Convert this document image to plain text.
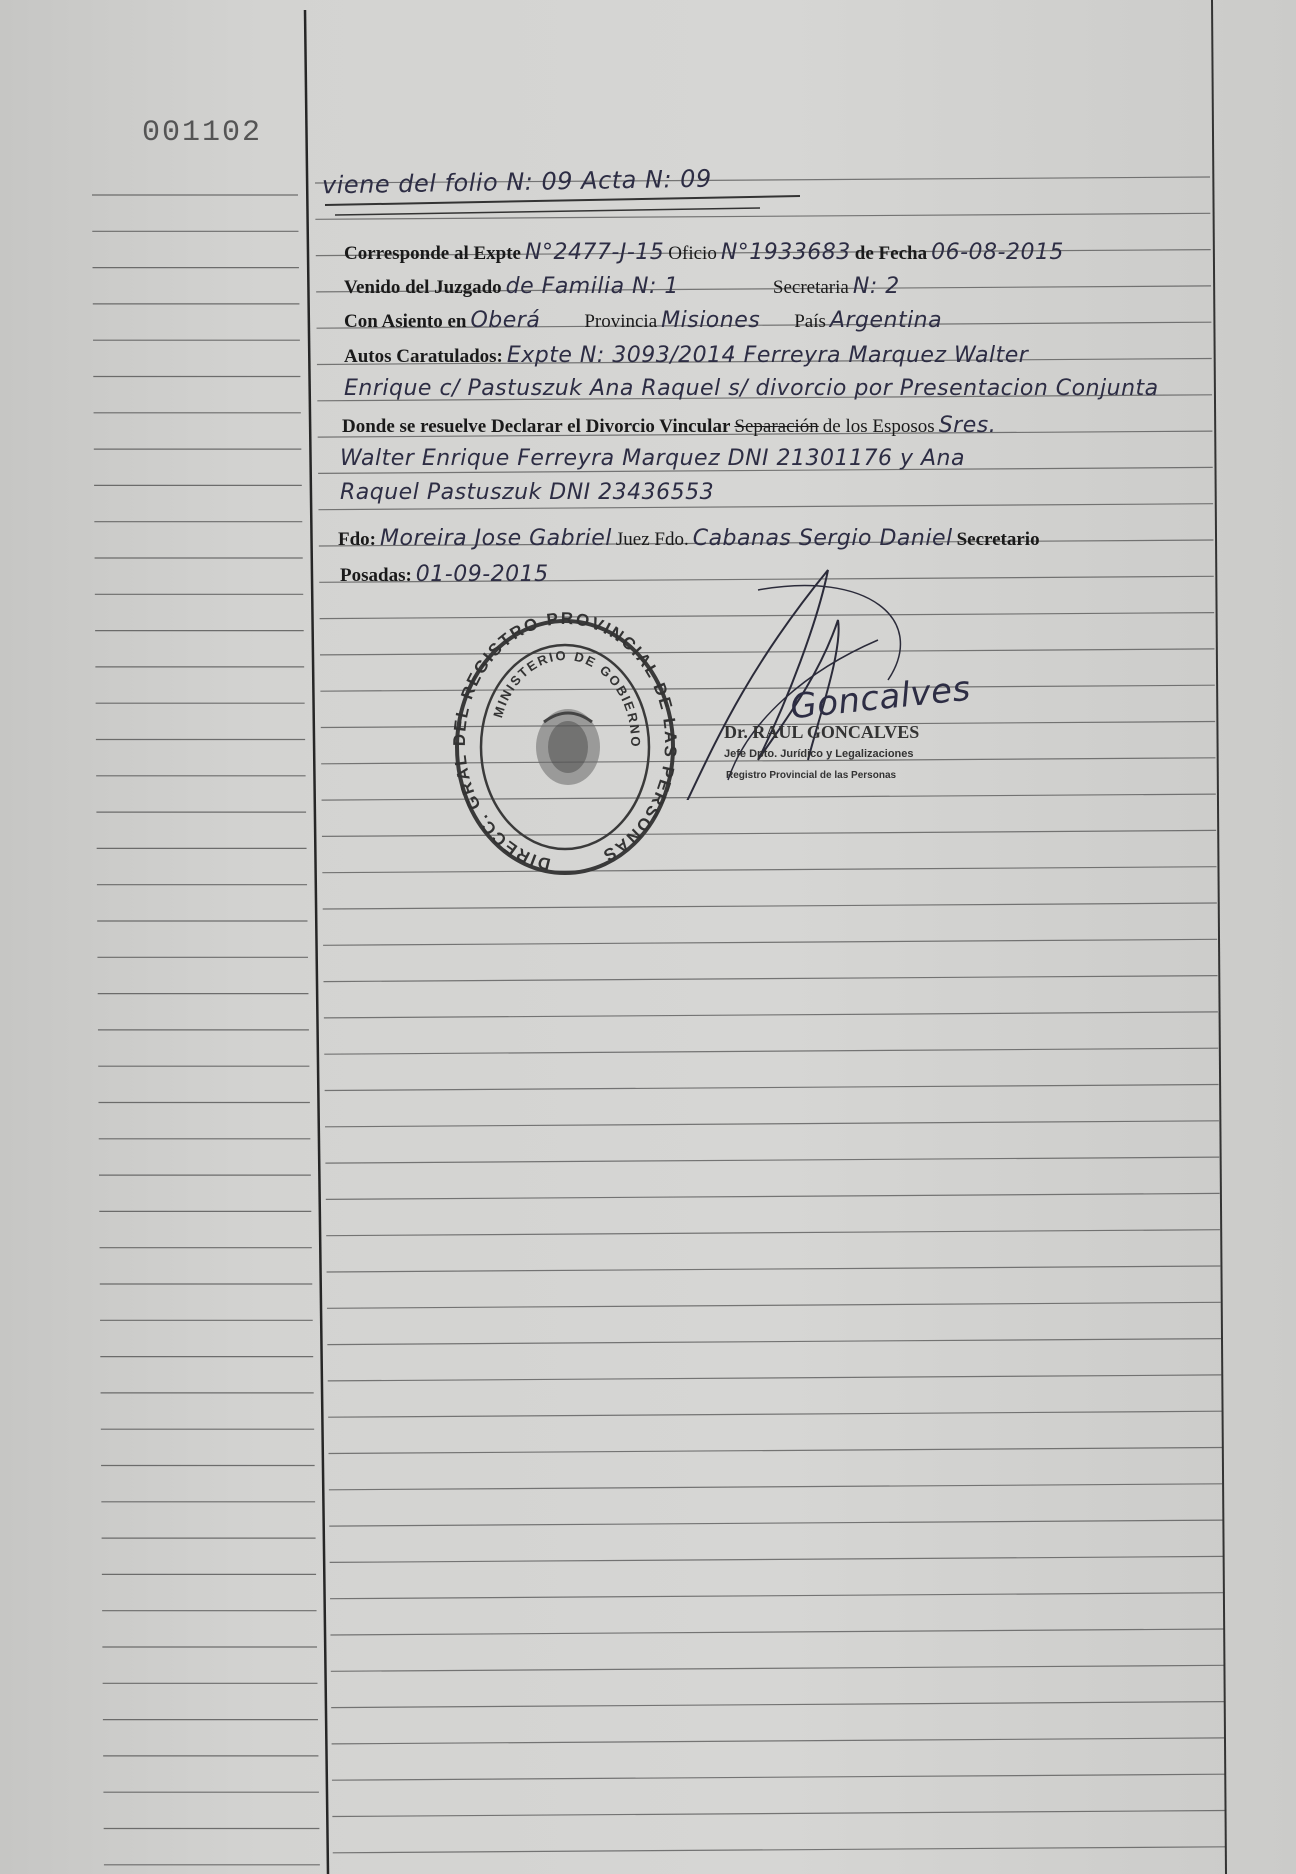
001102
viene del folio N: 09 Acta N: 09
Corresponde al Expte N°2477-J-15 Oficio N°1933683 de Fecha 06-08-2015
Venido del Juzgado de Familia N: 1	Secretaria N: 2
Con Asiento en Oberá Provincia Misiones País Argentina
Autos Caratulados: Expte N: 3093/2014 Ferreyra Marquez Walter
Enrique c/ Pastuszuk Ana Raquel s/ divorcio por Presentacion Conjunta
Donde se resuelve Declarar el Divorcio Vincular Separación de los Esposos Sres.
Walter Enrique Ferreyra Marquez DNI 21301176 y Ana
Raquel Pastuszuk DNI 23436553
Fdo: Moreira Jose Gabriel Juez Fdo. Cabanas Sergio Daniel Secretario
Posadas: 01-09-2015
DIRECC. GRAL DEL REGISTRO PROVINCIAL DE LAS PERSONAS
MINISTERIO DE GOBIERNO
Goncalves
Dr. RAUL GONCALVES
Jefe Dpto. Jurídico y Legalizaciones
Registro Provincial de las Personas
